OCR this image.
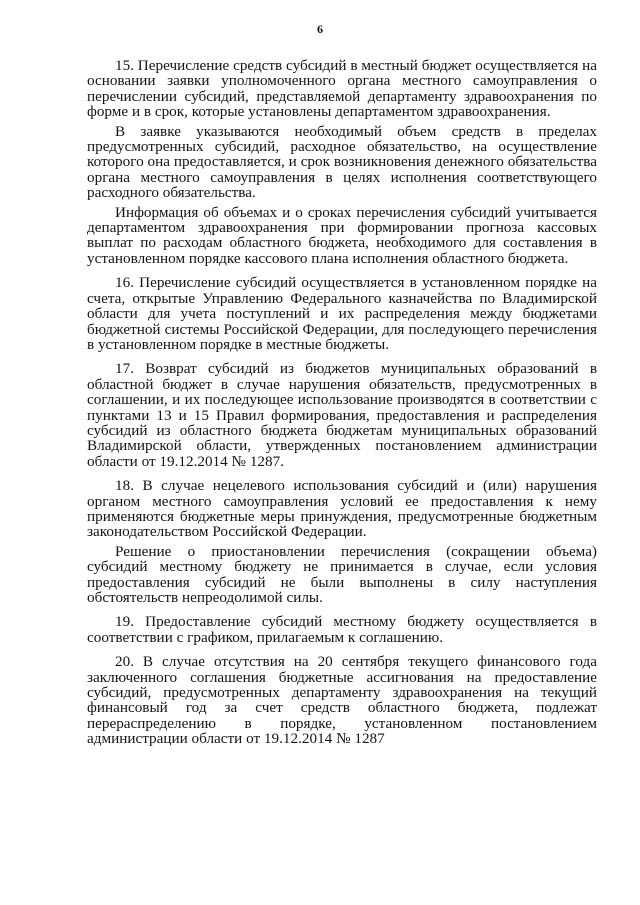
6

15. Перечисление средств субсидий в местный бюджет осуществляется на основании заявки уполномоченного органа местного самоуправления о перечислении субсидий, представляемой департаменту здравоохранения по форме и в срок, которые установлены департаментом здравоохранения.

В заявке указываются необходимый объем средств в пределах предусмотренных субсидий, расходное обязательство, на осуществление которого она предоставляется, и срок возникновения денежного обязательства органа местного самоуправления в целях исполнения соответствующего расходного обязательства.

Информация об объемах и о сроках перечисления субсидий учитывается департаментом здравоохранения при формировании прогноза кассовых выплат по расходам областного бюджета, необходимого для составления в установленном порядке кассового плана исполнения областного бюджета.

16. Перечисление субсидий осуществляется в установленном порядке на счета, открытые Управлению Федерального казначейства по Владимирской области для учета поступлений и их распределения между бюджетами бюджетной системы Российской Федерации, для последующего перечисления в установленном порядке в местные бюджеты.

17. Возврат субсидий из бюджетов муниципальных образований в областной бюджет в случае нарушения обязательств, предусмотренных в соглашении, и их последующее использование производятся в соответствии с пунктами 13 и 15 Правил формирования, предоставления и распределения субсидий из областного бюджета бюджетам муниципальных образований Владимирской области, утвержденных постановлением администрации области от 19.12.2014 № 1287.

18. В случае нецелевого использования субсидий и (или) нарушения органом местного самоуправления условий ее предоставления к нему применяются бюджетные меры принуждения, предусмотренные бюджетным законодательством Российской Федерации.

Решение о приостановлении перечисления (сокращении объема) субсидий местному бюджету не принимается в случае, если условия предоставления субсидий не были выполнены в силу наступления обстоятельств непреодолимой силы.

19. Предоставление субсидий местному бюджету осуществляется в соответствии с графиком, прилагаемым к соглашению.

20. В случае отсутствия на 20 сентября текущего финансового года заключенного соглашения бюджетные ассигнования на предоставление субсидий, предусмотренных департаменту здравоохранения на текущий финансовый год за счет средств областного бюджета, подлежат перераспределению в порядке, установленном постановлением администрации области от 19.12.2014 № 1287
